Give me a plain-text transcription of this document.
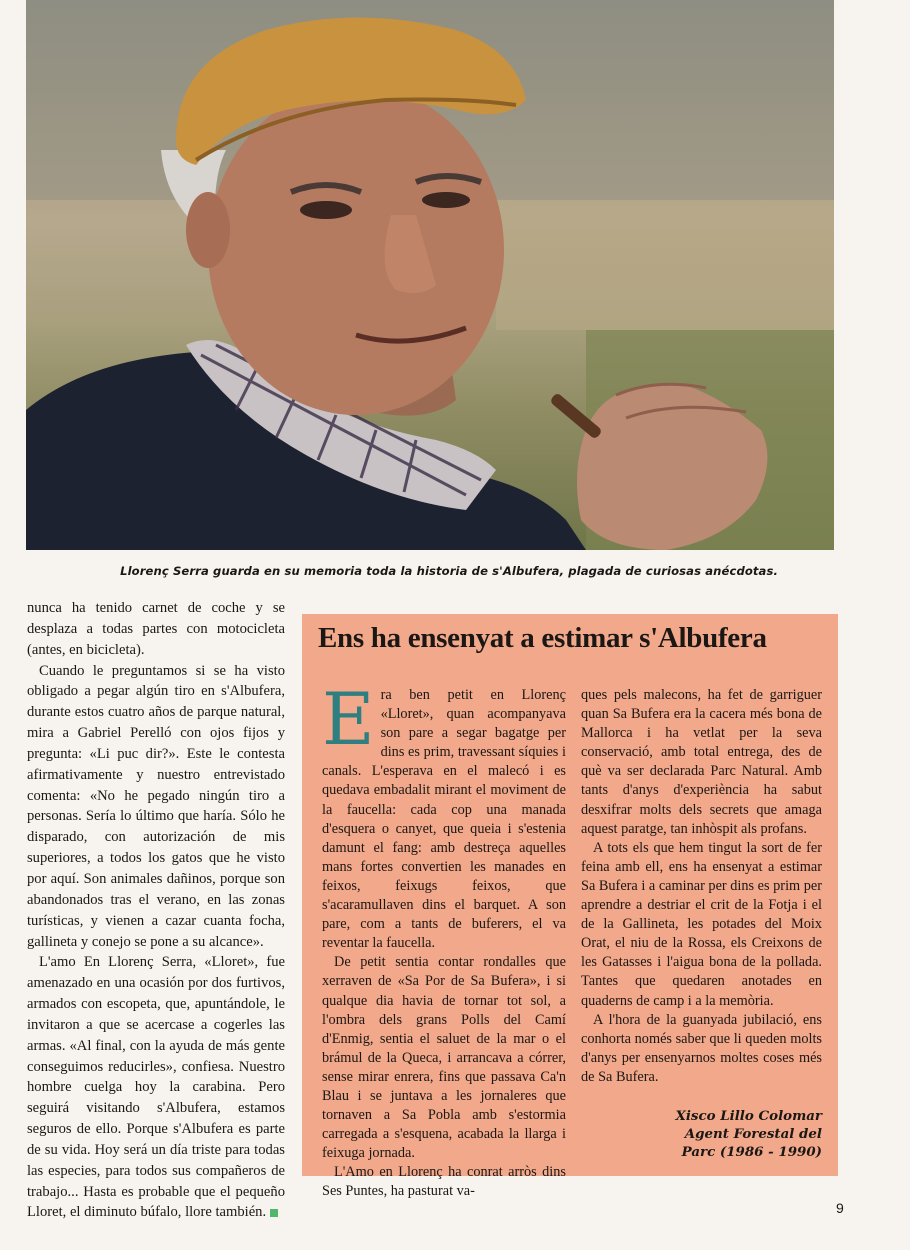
Llorenç Serra guarda en su memoria toda la historia de s'Albufera, plagada de curiosas anécdotas.

nunca ha tenido carnet de coche y se desplaza a todas partes con motocicleta (antes, en bicicleta).

Cuando le preguntamos si se ha visto obligado a pegar algún tiro en s'Albufera, durante estos cuatro años de parque natural, mira a Gabriel Perelló con ojos fijos y pregunta: «Li puc dir?». Este le contesta afirmativamente y nuestro entrevistado comenta: «No he pegado ningún tiro a personas. Sería lo último que haría. Sólo he disparado, con autorización de mis superiores, a todos los gatos que he visto por aquí. Son animales dañinos, porque son abandonados tras el verano, en las zonas turísticas, y vienen a cazar cuanta focha, gallineta y conejo se pone a su alcance».

L'amo En Llorenç Serra, «Lloret», fue amenazado en una ocasión por dos furtivos, armados con escopeta, que, apuntándole, le invitaron a que se acercase a cogerles las armas. «Al final, con la ayuda de más gente conseguimos reducirles», confiesa. Nuestro hombre cuelga hoy la carabina. Pero seguirá visitando s'Albufera, estamos seguros de ello. Porque s'Albufera es parte de su vida. Hoy será un día triste para todas las especies, para todos sus compañeros de trabajo... Hasta es probable que el pequeño Lloret, el diminuto búfalo, llore también.

Ens ha ensenyat a estimar s'Albufera

Era ben petit en Llorenç «Lloret», quan acompanyava son pare a segar bagatge per dins es prim, travessant síquies i canals. L'esperava en el malecó i es quedava embadalit mirant el moviment de la faucella: cada cop una manada d'esquera o canyet, que queia i s'estenia damunt el fang: amb destreça aquelles mans fortes convertien les manades en feixos, feixugs feixos, que s'acaramullaven dins el barquet. A son pare, com a tants de buferers, el va reventar la faucella.

De petit sentia contar rondalles que xerraven de «Sa Por de Sa Bufera», i si qualque dia havia de tornar tot sol, a l'ombra dels grans Polls del Camí d'Enmig, sentia el saluet de la mar o el brámul de la Queca, i arrancava a córrer, sense mirar enrera, fins que passava Ca'n Blau i se juntava a les jornaleres que tornaven a Sa Pobla amb s'estormia carregada a s'esquena, acabada la llarga i feixuga jornada.

L'Amo en Llorenç ha conrat arròs dins Ses Puntes, ha pasturat va-

ques pels malecons, ha fet de garriguer quan Sa Bufera era la cacera més bona de Mallorca i ha vetlat per la seva conservació, amb total entrega, des de què va ser declarada Parc Natural. Amb tants d'anys d'experiència ha sabut desxifrar molts dels secrets que amaga aquest paratge, tan inhòspit als profans.

A tots els que hem tingut la sort de fer feina amb ell, ens ha ensenyat a estimar Sa Bufera i a caminar per dins es prim per aprendre a destriar el crit de la Fotja i el de la Gallineta, les potades del Moix Orat, el niu de la Rossa, els Creixons de les Gatasses i l'aigua bona de la pollada. Tantes que quedaren anotades en quaderns de camp i a la memòria.

A l'hora de la guanyada jubilació, ens conhorta només saber que li queden molts d'anys per ensenyarnos moltes coses més de Sa Bufera.

Xisco Lillo Colomar
Agent Forestal del
Parc (1986 - 1990)
9
